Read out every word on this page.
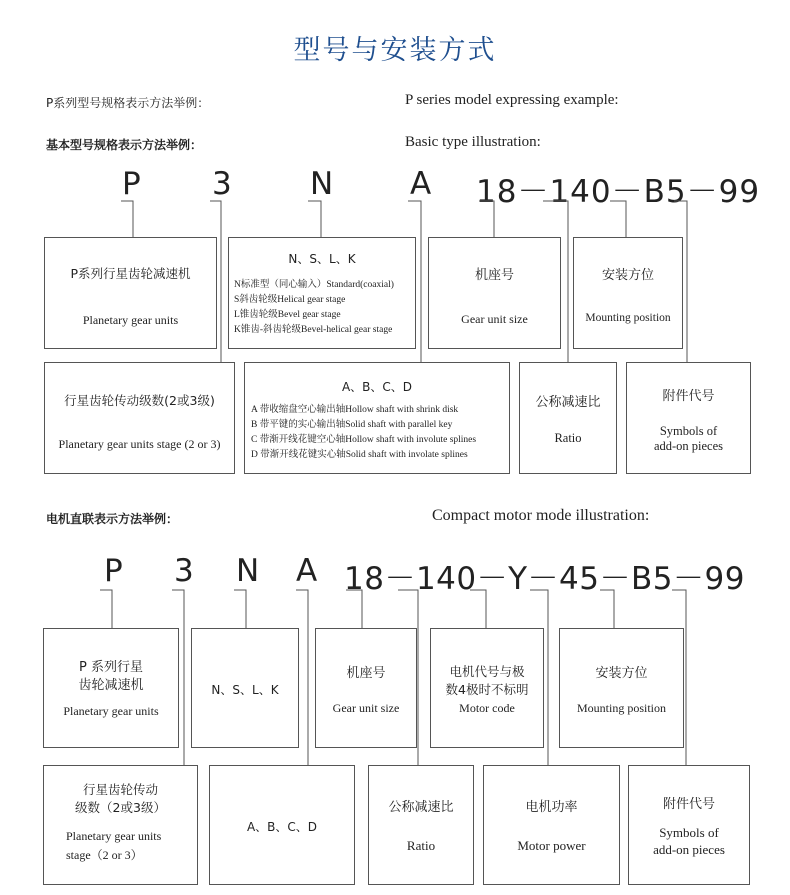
型号与安装方式
P系列型号规格表示方法举例：	P series model expressing example:
基本型号规格表示方法举例：	Basic type illustration:
P 3 N A 18－140－B5－99
P系列行星齿轮减速机
Planetary gear units
N、S、L、K
N标准型（同心输入）Standard(coaxial)
S斜齿轮级Helical gear stage
L锥齿轮级Bevel gear stage
K锥齿-斜齿轮级Bevel-helical gear stage
机座号
Gear unit size
安装方位
Mounting position
行星齿轮传动级数(2或3级)
Planetary gear units stage (2 or 3)
A、B、C、D
A 带收缩盘空心输出轴Hollow shaft with shrink disk
B 带平键的实心输出轴Solid shaft with parallel key
C 带渐开线花键空心轴Hollow shaft with involute splines
D 带渐开线花键实心轴Solid shaft with involate splines
公称减速比
Ratio
附件代号
Symbols of
add-on pieces
电机直联表示方法举例：	Compact motor mode illustration:
P 3 N A 18－140－Y－45－B5－99
P 系列行星
齿轮减速机
Planetary gear units
N、S、L、K
机座号
Gear unit size
电机代号与极
数4极时不标明
Motor code
安装方位
Mounting position
行星齿轮传动
级数（2或3级）
Planetary gear units
stage（2 or 3）
A、B、C、D
公称减速比
Ratio
电机功率
Motor power
附件代号
Symbols of
add-on pieces
